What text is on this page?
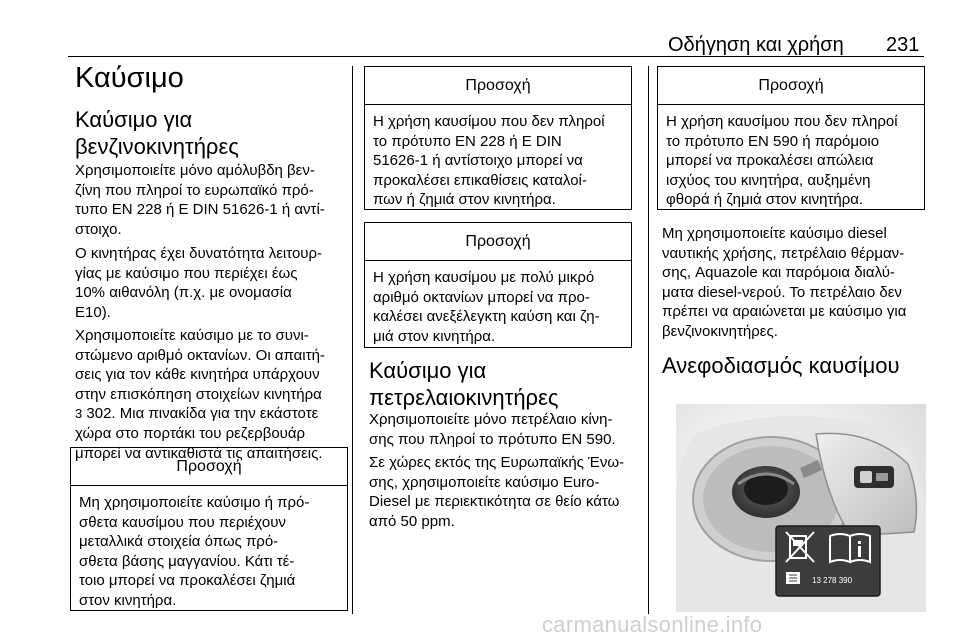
Οδήγηση και χρήση 231
Καύσιμο
Καύσιμο για
βενζινοκινητήρες
Χρησιμοποιείτε μόνο αμόλυβδη βεν-
ζίνη που πληροί το ευρωπαϊκό πρό-
τυπο EN 228 ή E DIN 51626-1 ή αντί-
στοιχο.
Ο κινητήρας έχει δυνατότητα λειτουρ-
γίας με καύσιμο που περιέχει έως
10% αιθανόλη (π.χ. με ονομασία
E10).
Χρησιμοποιείτε καύσιμο με το συνι-
στώμενο αριθμό οκτανίων. Οι απαιτή-
σεις για τον κάθε κινητήρα υπάρχουν
στην επισκόπηση στοιχείων κινητήρα
3 302. Μια πινακίδα για την εκάστοτε
χώρα στο πορτάκι του ρεζερβουάρ
μπορεί να αντικαθιστά τις απαιτήσεις.
Προσοχή
Μη χρησιμοποιείτε καύσιμο ή πρό-
σθετα καυσίμου που περιέχουν
μεταλλικά στοιχεία όπως πρό-
σθετα βάσης μαγγανίου. Κάτι τέ-
τοιο μπορεί να προκαλέσει ζημιά
στον κινητήρα.
Προσοχή
Η χρήση καυσίμου που δεν πληροί
το πρότυπο EN 228 ή E DIN
51626-1 ή αντίστοιχο μπορεί να
προκαλέσει επικαθίσεις καταλοί-
πων ή ζημιά στον κινητήρα.
Προσοχή
Η χρήση καυσίμου με πολύ μικρό
αριθμό οκτανίων μπορεί να προ-
καλέσει ανεξέλεγκτη καύση και ζη-
μιά στον κινητήρα.
Καύσιμο για
πετρελαιοκινητήρες
Χρησιμοποιείτε μόνο πετρέλαιο κίνη-
σης που πληροί το πρότυπο EN 590.
Σε χώρες εκτός της Ευρωπαϊκής Ένω-
σης, χρησιμοποιείτε καύσιμο Euro-
Diesel με περιεκτικότητα σε θείο κάτω
από 50 ppm.
Προσοχή
Η χρήση καυσίμου που δεν πληροί
το πρότυπο EN 590 ή παρόμοιο
μπορεί να προκαλέσει απώλεια
ισχύος του κινητήρα, αυξημένη
φθορά ή ζημιά στον κινητήρα.
Μη χρησιμοποιείτε καύσιμο diesel
ναυτικής χρήσης, πετρέλαιο θέρμαν-
σης, Aquazole και παρόμοια διαλύ-
ματα diesel-νερού. Το πετρέλαιο δεν
πρέπει να αραιώνεται με καύσιμο για
βενζινοκινητήρες.
Ανεφοδιασμός καυσίμου
13 278 390
carmanualsonline.info
